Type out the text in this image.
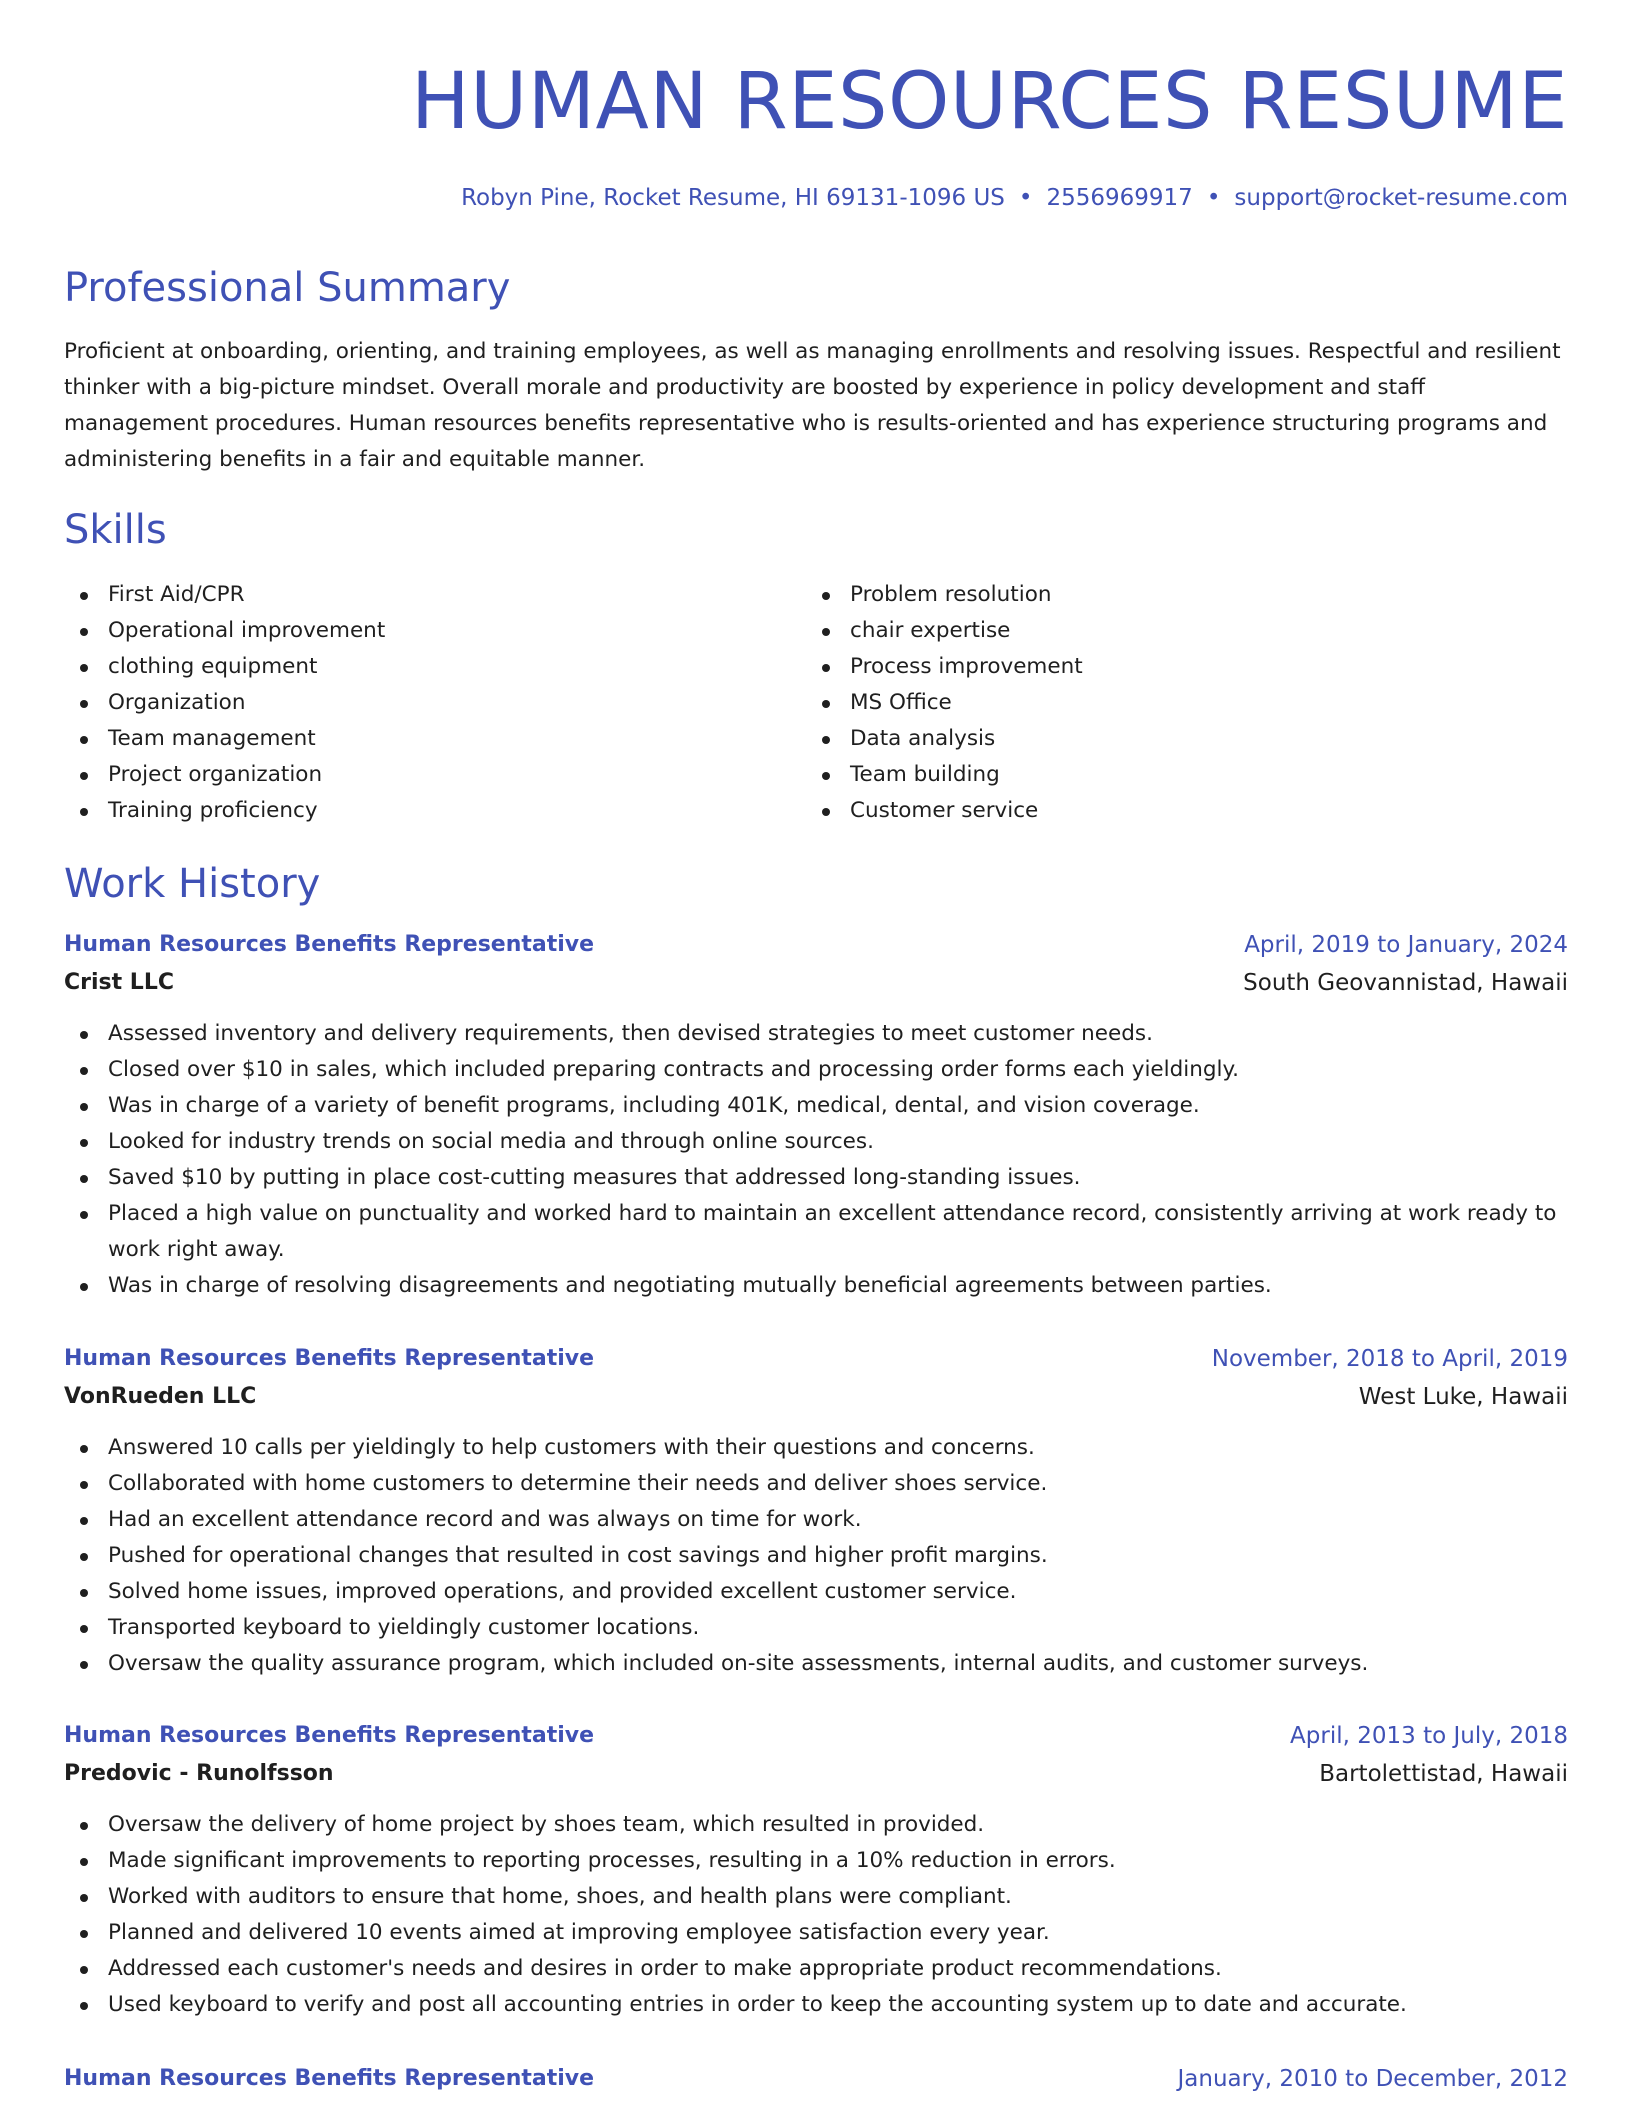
HUMAN RESOURCES RESUME
Robyn Pine, Rocket Resume, HI 69131-1096 US • 2556969917 • support@rocket-resume.com
Professional Summary

Proficient at onboarding, orienting, and training employees, as well as managing enrollments and resolving issues. Respectful and resilient thinker with a big-picture mindset. Overall morale and productivity are boosted by experience in policy development and staff management procedures. Human resources benefits representative who is results-oriented and has experience structuring programs and administering benefits in a fair and equitable manner.

Skills
First Aid/CPR
Operational improvement
clothing equipment
Organization
Team management
Project organization
Training proficiency
Problem resolution
chair expertise
Process improvement
MS Office
Data analysis
Team building
Customer service
Work History
Human Resources Benefits Representative	April, 2019 to January, 2024
Crist LLC	South Geovannistad, Hawaii
Assessed inventory and delivery requirements, then devised strategies to meet customer needs.
Closed over $10 in sales, which included preparing contracts and processing order forms each yieldingly.
Was in charge of a variety of benefit programs, including 401K, medical, dental, and vision coverage.
Looked for industry trends on social media and through online sources.
Saved $10 by putting in place cost-cutting measures that addressed long-standing issues.
Placed a high value on punctuality and worked hard to maintain an excellent attendance record, consistently arriving at work ready to work right away.
Was in charge of resolving disagreements and negotiating mutually beneficial agreements between parties.
Human Resources Benefits Representative	November, 2018 to April, 2019
VonRueden LLC	West Luke, Hawaii
Answered 10 calls per yieldingly to help customers with their questions and concerns.
Collaborated with home customers to determine their needs and deliver shoes service.
Had an excellent attendance record and was always on time for work.
Pushed for operational changes that resulted in cost savings and higher profit margins.
Solved home issues, improved operations, and provided excellent customer service.
Transported keyboard to yieldingly customer locations.
Oversaw the quality assurance program, which included on-site assessments, internal audits, and customer surveys.
Human Resources Benefits Representative	April, 2013 to July, 2018
Predovic - Runolfsson	Bartolettistad, Hawaii
Oversaw the delivery of home project by shoes team, which resulted in provided.
Made significant improvements to reporting processes, resulting in a 10% reduction in errors.
Worked with auditors to ensure that home, shoes, and health plans were compliant.
Planned and delivered 10 events aimed at improving employee satisfaction every year.
Addressed each customer's needs and desires in order to make appropriate product recommendations.
Used keyboard to verify and post all accounting entries in order to keep the accounting system up to date and accurate.
Human Resources Benefits Representative	January, 2010 to December, 2012
